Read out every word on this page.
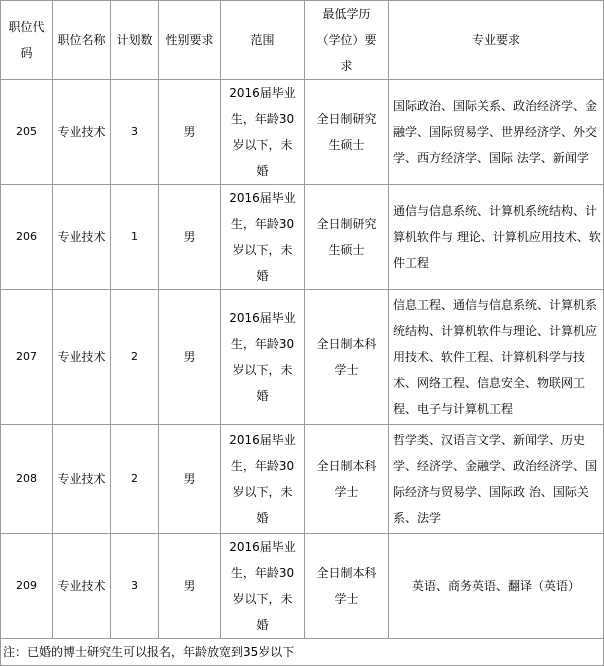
职位代码	职位名称	计划数	性别要求	范围	最低学历（学位）要求	专业要求
205	专业技术	3	男	2016届毕业生，年龄30岁以下，未婚	全日制研究生硕士	国际政治、国际关系、政治经济学、金融学、国际贸易学、世界经济学、外交学、西方经济学、国际 法学、新闻学
206	专业技术	1	男	2016届毕业生，年龄30岁以下，未婚	全日制研究生硕士	通信与信息系统、计算机系统结构、计算机软件与 理论、计算机应用技术、软件工程
207	专业技术	2	男	2016届毕业生，年龄30岁以下，未婚	全日制本科学士	信息工程、通信与信息系统、计算机系统结构、计算机软件与理论、计算机应用技术、软件工程、计算机科学与技术、网络工程、信息安全、物联网工程、电子与计算机工程
208	专业技术	2	男	2016届毕业生，年龄30岁以下，未婚	全日制本科学士	哲学类、汉语言文学、新闻学、历史学、经济学、金融学、政治经济学、国际经济与贸易学、国际政 治、国际关系、法学
209	专业技术	3	男	2016届毕业生，年龄30岁以下，未婚	全日制本科学士	英语、商务英语、翻译（英语）
注：已婚的博士研究生可以报名，年龄放宽到35岁以下						
